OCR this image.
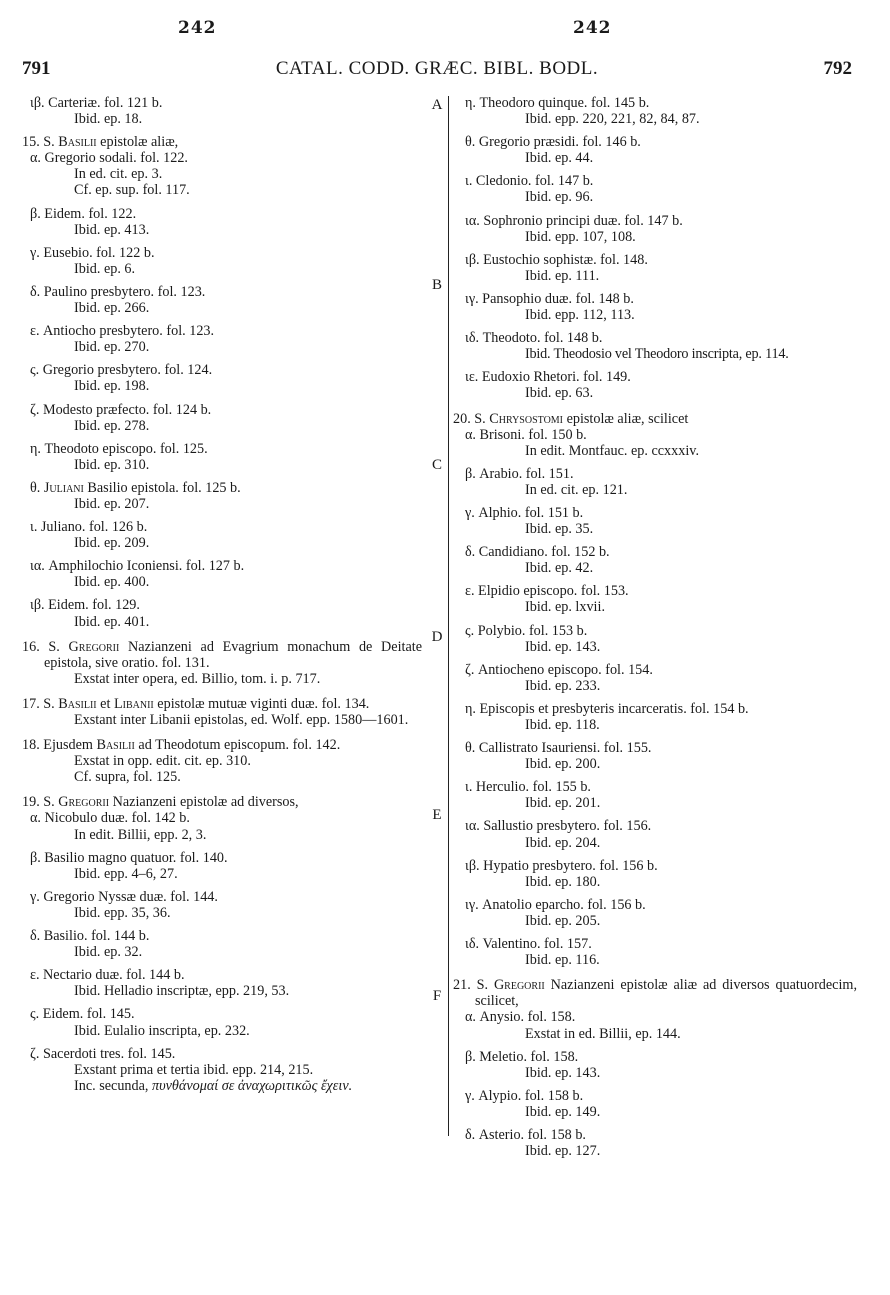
242	242
791	CATAL. CODD. GRÆC. BIBL. BODL.	792
A
B
C
D
E
F
ιβ. Carteriæ. fol. 121 b.
Ibid. ep. 18.
15. S. Basilii epistolæ aliæ,
α. Gregorio sodali. fol. 122.
In ed. cit. ep. 3.
Cf. ep. sup. fol. 117.
β. Eidem. fol. 122.
Ibid. ep. 413.
γ. Eusebio. fol. 122 b.
Ibid. ep. 6.
δ. Paulino presbytero. fol. 123.
Ibid. ep. 266.
ε. Antiocho presbytero. fol. 123.
Ibid. ep. 270.
ς. Gregorio presbytero. fol. 124.
Ibid. ep. 198.
ζ. Modesto præfecto. fol. 124 b.
Ibid. ep. 278.
η. Theodoto episcopo. fol. 125.
Ibid. ep. 310.
θ. Juliani Basilio epistola. fol. 125 b.
Ibid. ep. 207.
ι. Juliano. fol. 126 b.
Ibid. ep. 209.
ια. Amphilochio Iconiensi. fol. 127 b.
Ibid. ep. 400.
ιβ. Eidem. fol. 129.
Ibid. ep. 401.
16. S. Gregorii Nazianzeni ad Evagrium monachum de Deitate epistola, sive oratio. fol. 131.
Exstat inter opera, ed. Billio, tom. i. p. 717.
17. S. Basilii et Libanii epistolæ mutuæ viginti duæ. fol. 134.
Exstant inter Libanii epistolas, ed. Wolf. epp. 1580—1601.
18. Ejusdem Basilii ad Theodotum episcopum. fol. 142.
Exstat in opp. edit. cit. ep. 310.
Cf. supra, fol. 125.
19. S. Gregorii Nazianzeni epistolæ ad diversos,
α. Nicobulo duæ. fol. 142 b.
In edit. Billii, epp. 2, 3.
β. Basilio magno quatuor. fol. 140.
Ibid. epp. 4–6, 27.
γ. Gregorio Nyssæ duæ. fol. 144.
Ibid. epp. 35, 36.
δ. Basilio. fol. 144 b.
Ibid. ep. 32.
ε. Nectario duæ. fol. 144 b.
Ibid. Helladio inscriptæ, epp. 219, 53.
ς. Eidem. fol. 145.
Ibid. Eulalio inscripta, ep. 232.
ζ. Sacerdoti tres. fol. 145.
Exstant prima et tertia ibid. epp. 214, 215.
Inc. secunda, πυνθάνομαί σε ἀναχωριτικῶς ἔχειν.
η. Theodoro quinque. fol. 145 b.
Ibid. epp. 220, 221, 82, 84, 87.
θ. Gregorio præsidi. fol. 146 b.
Ibid. ep. 44.
ι. Cledonio. fol. 147 b.
Ibid. ep. 96.
ια. Sophronio principi duæ. fol. 147 b.
Ibid. epp. 107, 108.
ιβ. Eustochio sophistæ. fol. 148.
Ibid. ep. 111.
ιγ. Pansophio duæ. fol. 148 b.
Ibid. epp. 112, 113.
ιδ. Theodoto. fol. 148 b.
Ibid. Theodosio vel Theodoro inscripta, ep. 114.
ιε. Eudoxio Rhetori. fol. 149.
Ibid. ep. 63.
20. S. Chrysostomi epistolæ aliæ, scilicet
α. Brisoni. fol. 150 b.
In edit. Montfauc. ep. ccxxxiv.
β. Arabio. fol. 151.
In ed. cit. ep. 121.
γ. Alphio. fol. 151 b.
Ibid. ep. 35.
δ. Candidiano. fol. 152 b.
Ibid. ep. 42.
ε. Elpidio episcopo. fol. 153.
Ibid. ep. lxvii.
ς. Polybio. fol. 153 b.
Ibid. ep. 143.
ζ. Antiocheno episcopo. fol. 154.
Ibid. ep. 233.
η. Episcopis et presbyteris incarceratis. fol. 154 b.
Ibid. ep. 118.
θ. Callistrato Isauriensi. fol. 155.
Ibid. ep. 200.
ι. Herculio. fol. 155 b.
Ibid. ep. 201.
ια. Sallustio presbytero. fol. 156.
Ibid. ep. 204.
ιβ. Hypatio presbytero. fol. 156 b.
Ibid. ep. 180.
ιγ. Anatolio eparcho. fol. 156 b.
Ibid. ep. 205.
ιδ. Valentino. fol. 157.
Ibid. ep. 116.
21. S. Gregorii Nazianzeni epistolæ aliæ ad diversos quatuordecim, scilicet,
α. Anysio. fol. 158.
Exstat in ed. Billii, ep. 144.
β. Meletio. fol. 158.
Ibid. ep. 143.
γ. Alypio. fol. 158 b.
Ibid. ep. 149.
δ. Asterio. fol. 158 b.
Ibid. ep. 127.
